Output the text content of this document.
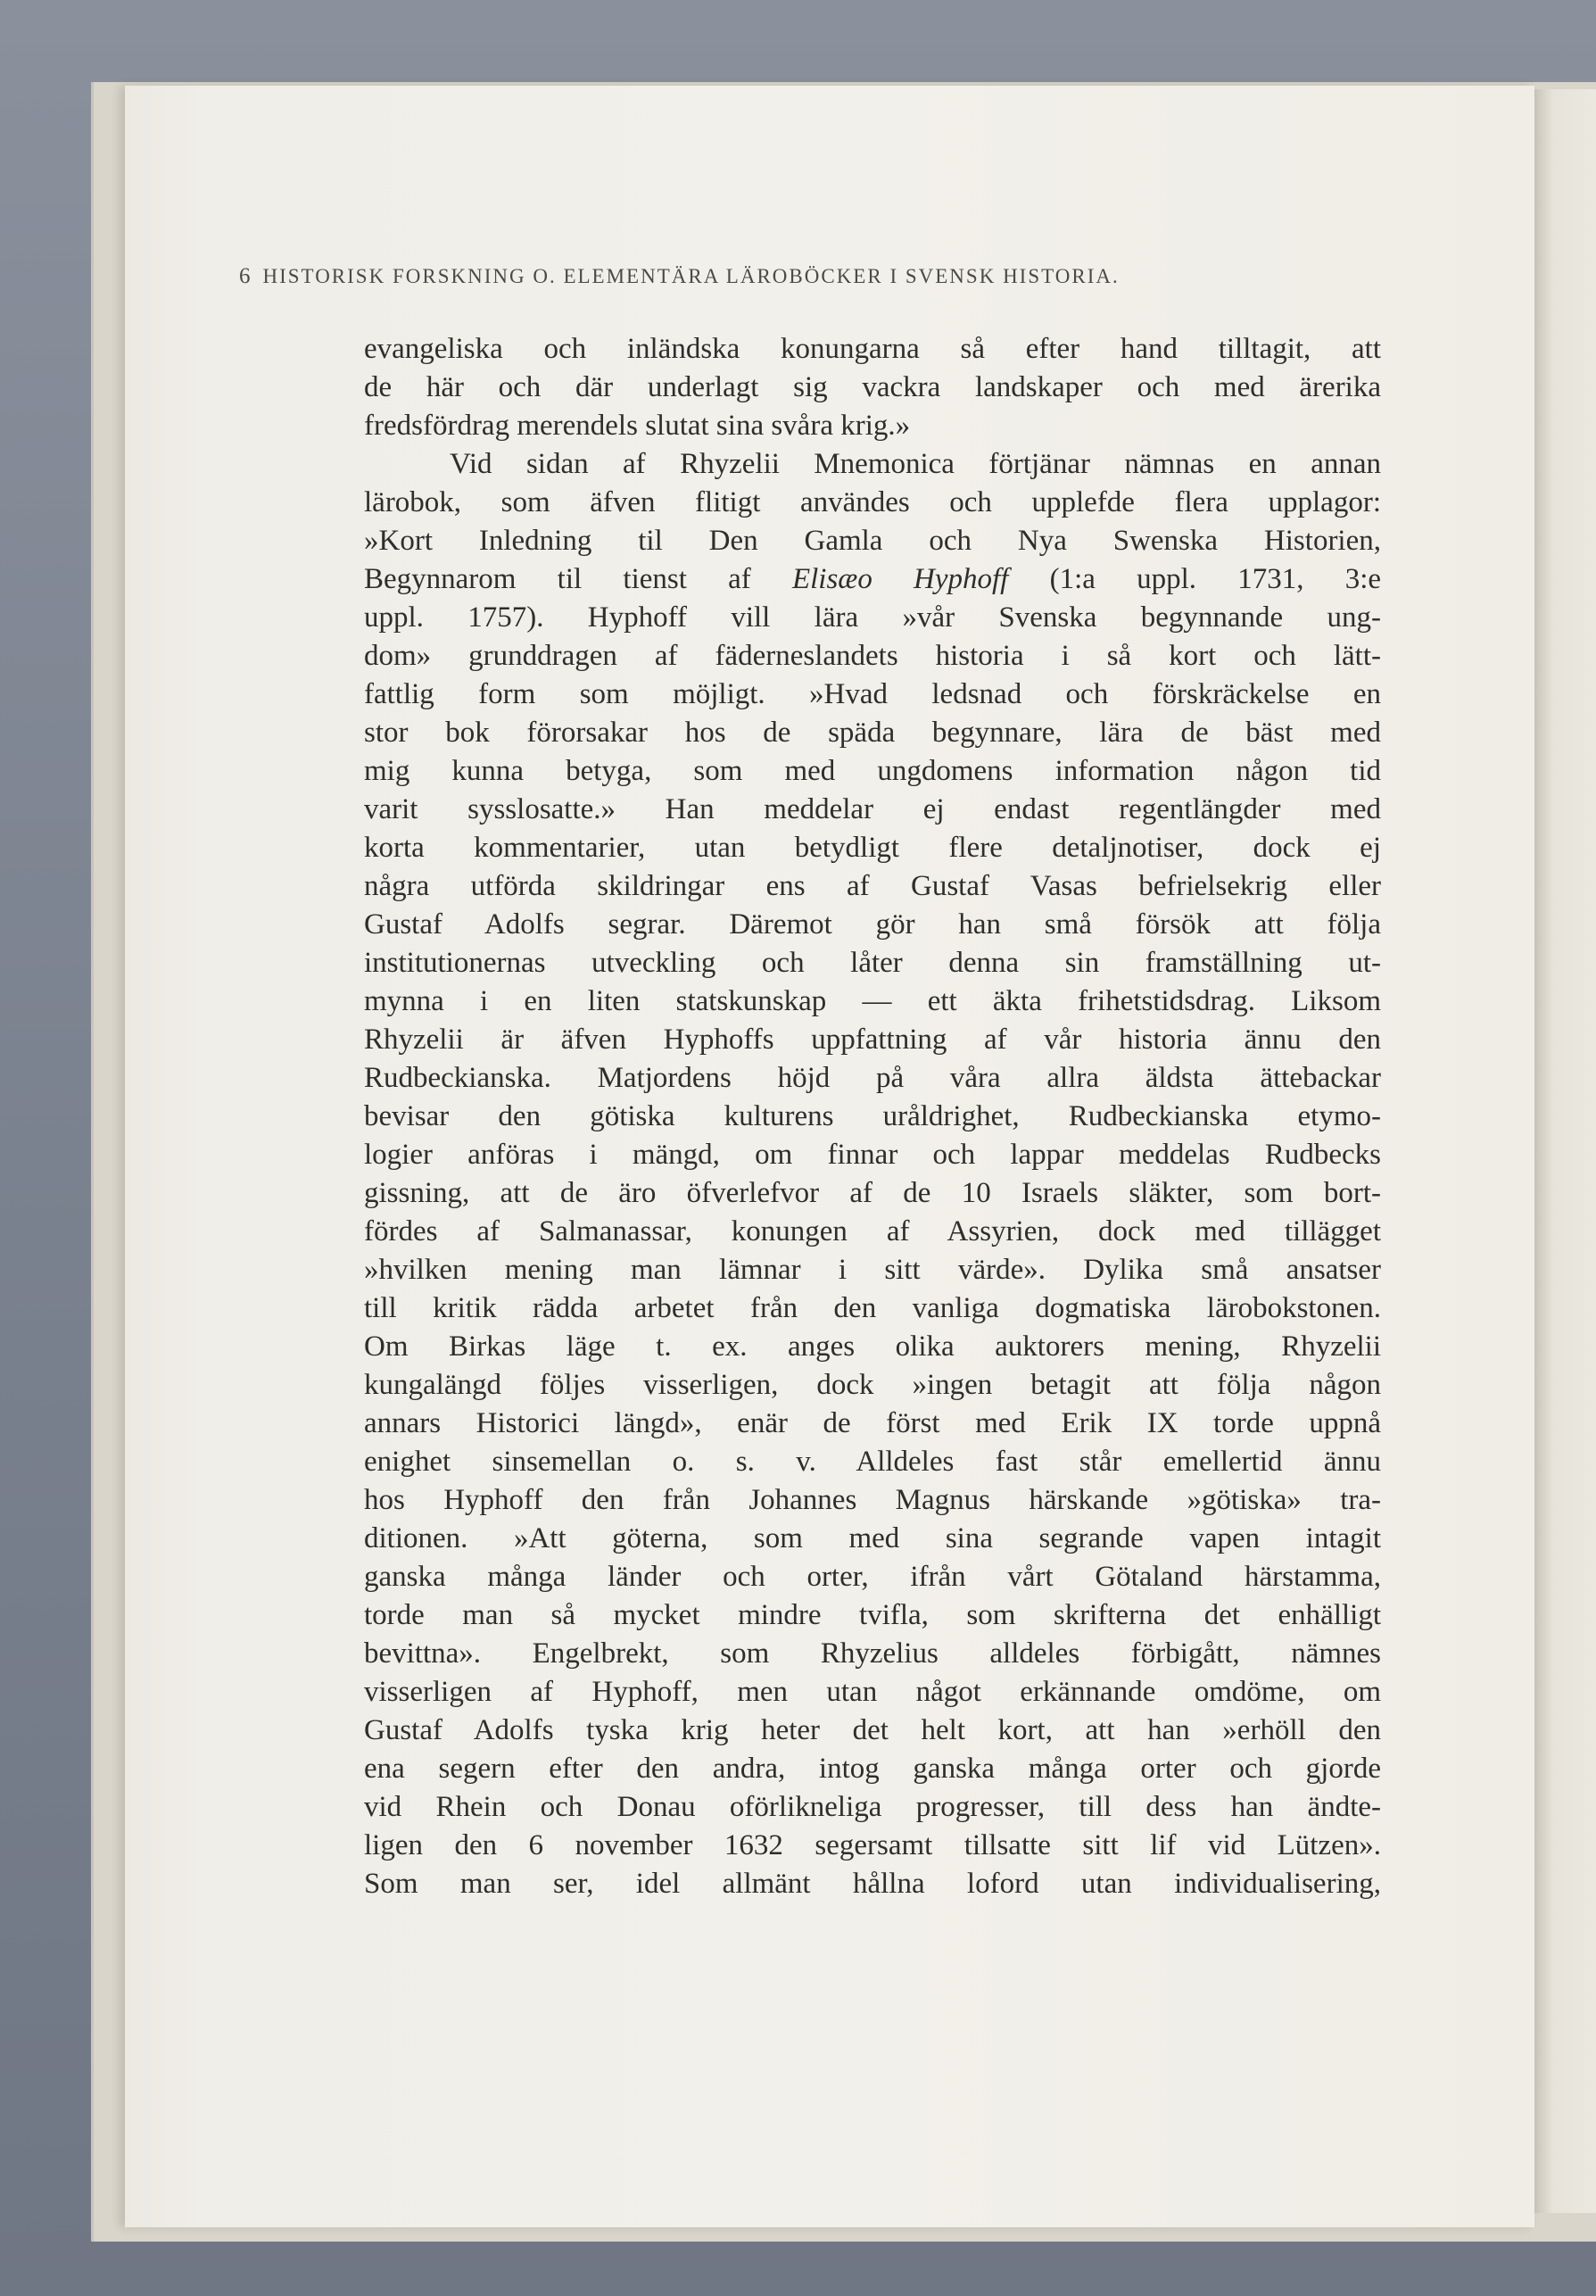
6 HISTORISK FORSKNING O. ELEMENTÄRA LÄROBÖCKER I SVENSK HISTORIA.
evangeliska och inländska konungarna så efter hand tilltagit, att
de här och där underlagt sig vackra landskaper och med ärerika
fredsfördrag merendels slutat sina svåra krig.»
Vid sidan af Rhyzelii Mnemonica förtjänar nämnas en annan
lärobok, som äfven flitigt användes och upplefde flera upplagor:
»Kort Inledning til Den Gamla och Nya Swenska Historien,
Begynnarom til tienst af Elisæo Hyphoff (1:a uppl. 1731, 3:e
uppl. 1757). Hyphoff vill lära »vår Svenska begynnande ung-
dom» grunddragen af fäderneslandets historia i så kort och lätt-
fattlig form som möjligt. »Hvad ledsnad och förskräckelse en
stor bok förorsakar hos de späda begynnare, lära de bäst med
mig kunna betyga, som med ungdomens information någon tid
varit sysslosatte.» Han meddelar ej endast regentlängder med
korta kommentarier, utan betydligt flere detaljnotiser, dock ej
några utförda skildringar ens af Gustaf Vasas befrielsekrig eller
Gustaf Adolfs segrar. Däremot gör han små försök att följa
institutionernas utveckling och låter denna sin framställning ut-
mynna i en liten statskunskap — ett äkta frihetstidsdrag. Liksom
Rhyzelii är äfven Hyphoffs uppfattning af vår historia ännu den
Rudbeckianska. Matjordens höjd på våra allra äldsta ättebackar
bevisar den götiska kulturens uråldrighet, Rudbeckianska etymo-
logier anföras i mängd, om finnar och lappar meddelas Rudbecks
gissning, att de äro öfverlefvor af de 10 Israels släkter, som bort-
fördes af Salmanassar, konungen af Assyrien, dock med tillägget
»hvilken mening man lämnar i sitt värde». Dylika små ansatser
till kritik rädda arbetet från den vanliga dogmatiska lärobokstonen.
Om Birkas läge t. ex. anges olika auktorers mening, Rhyzelii
kungalängd följes visserligen, dock »ingen betagit att följa någon
annars Historici längd», enär de först med Erik IX torde uppnå
enighet sinsemellan o. s. v. Alldeles fast står emellertid ännu
hos Hyphoff den från Johannes Magnus härskande »götiska» tra-
ditionen. »Att göterna, som med sina segrande vapen intagit
ganska många länder och orter, ifrån vårt Götaland härstamma,
torde man så mycket mindre tvifla, som skrifterna det enhälligt
bevittna». Engelbrekt, som Rhyzelius alldeles förbigått, nämnes
visserligen af Hyphoff, men utan något erkännande omdöme, om
Gustaf Adolfs tyska krig heter det helt kort, att han »erhöll den
ena segern efter den andra, intog ganska många orter och gjorde
vid Rhein och Donau oförlikneliga progresser, till dess han ändte-
ligen den 6 november 1632 segersamt tillsatte sitt lif vid Lützen».
Som man ser, idel allmänt hållna loford utan individualisering,
